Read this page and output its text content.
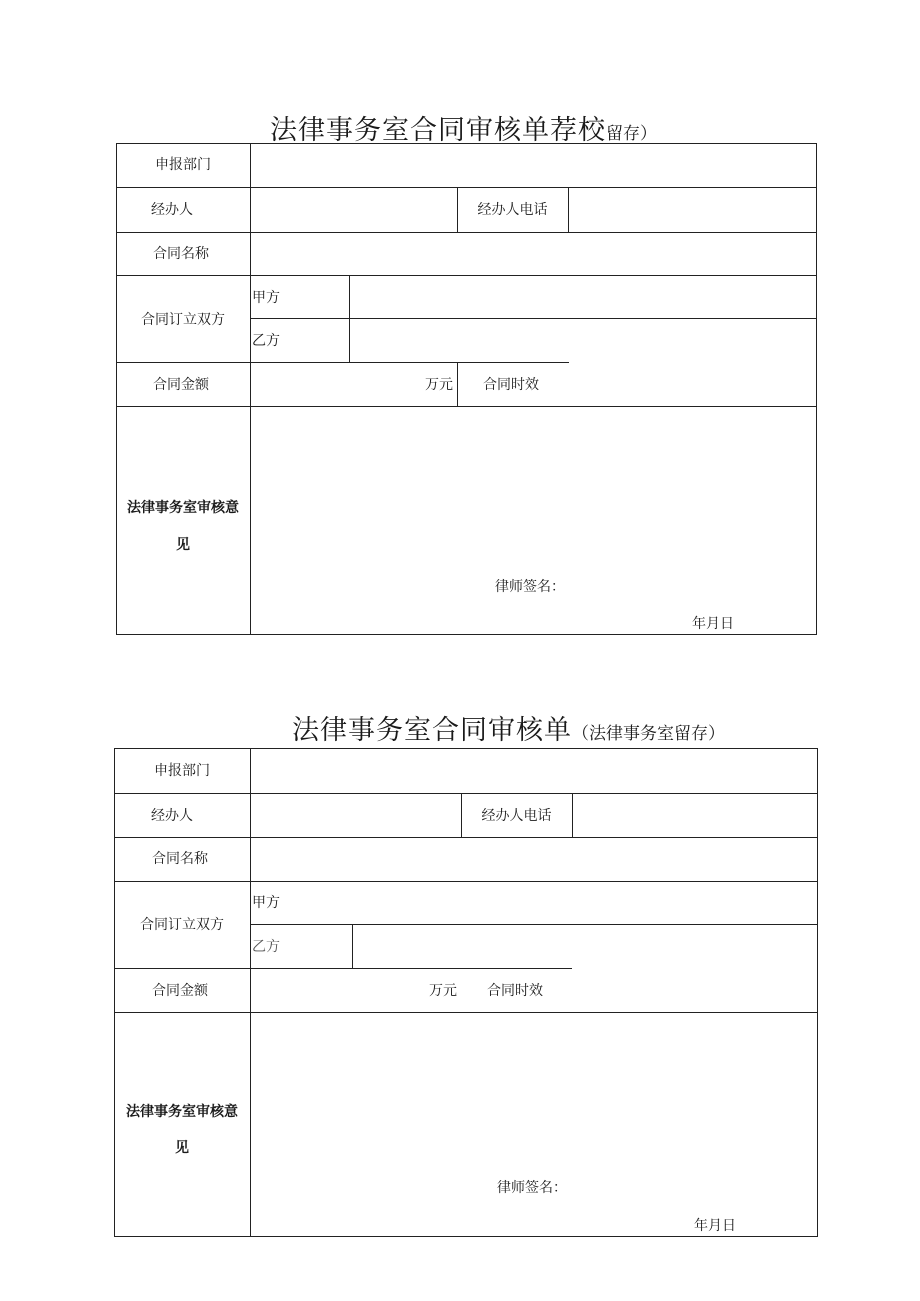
法律事务室合同审核单荐校留存）
申报部门
经办人	经办人电话
合同名称
合同订立双方
甲方
乙方
合同金额	万元 合同时效
法律事务室审核意
见
律师签名：
年月日
法律事务室合同审核单（法律事务室留存）
申报部门
经办人	经办人电话
合同名称
合同订立双方
甲方
乙方
合同金额	万元 合同时效
法律事务室审核意
见
律师签名：
年月日
